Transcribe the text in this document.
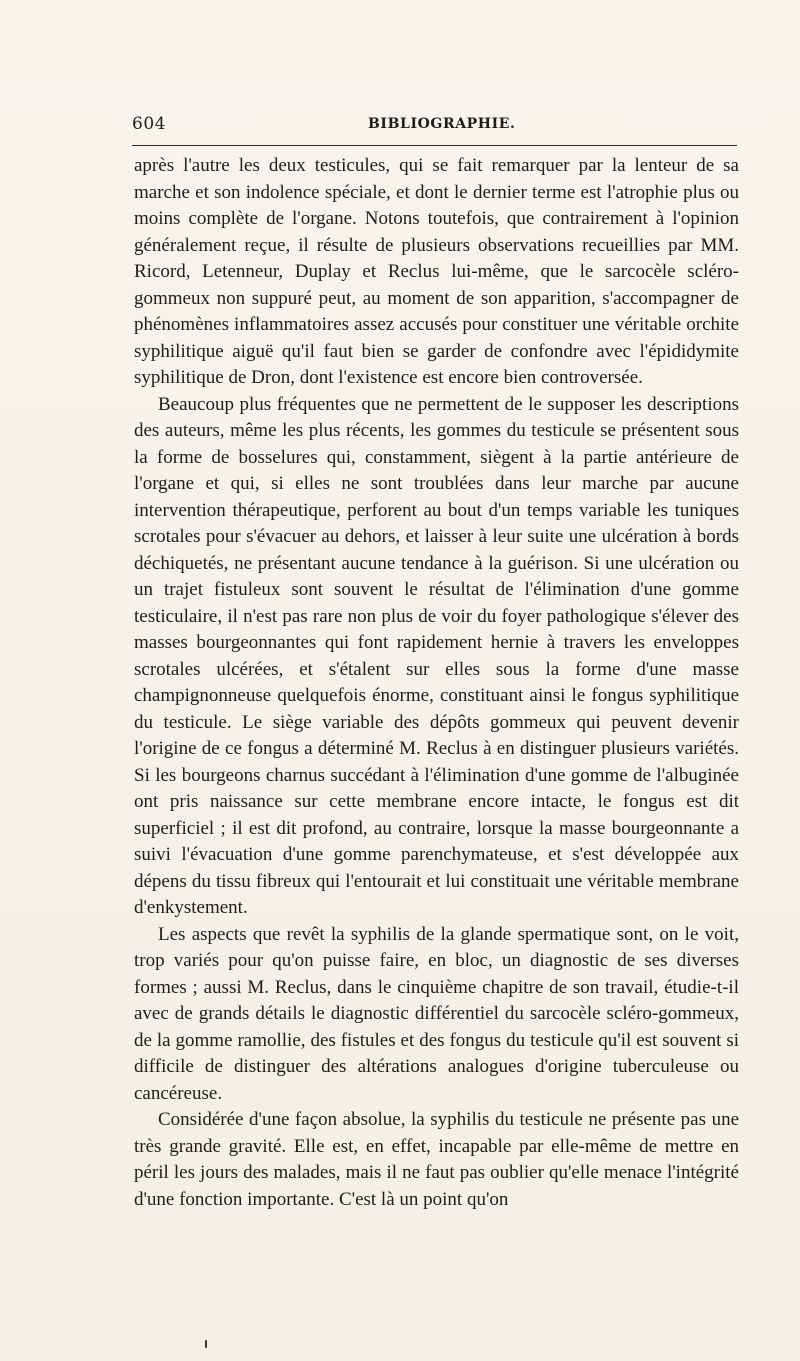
604	BIBLIOGRAPHIE.

après l'autre les deux testicules, qui se fait remarquer par la lenteur de sa marche et son indolence spéciale, et dont le dernier terme est l'atrophie plus ou moins complète de l'organe. Notons toutefois, que contrairement à l'opinion généralement reçue, il résulte de plusieurs observations recueillies par MM. Ricord, Letenneur, Duplay et Reclus lui-même, que le sarcocèle scléro-gommeux non suppuré peut, au moment de son apparition, s'accompagner de phénomènes inflammatoires assez accusés pour constituer une véritable orchite syphilitique aiguë qu'il faut bien se garder de confondre avec l'épididymite syphilitique de Dron, dont l'existence est encore bien controversée.

Beaucoup plus fréquentes que ne permettent de le supposer les descriptions des auteurs, même les plus récents, les gommes du testicule se présentent sous la forme de bosselures qui, constamment, siègent à la partie antérieure de l'organe et qui, si elles ne sont troublées dans leur marche par aucune intervention thérapeutique, perforent au bout d'un temps variable les tuniques scrotales pour s'évacuer au dehors, et laisser à leur suite une ulcération à bords déchiquetés, ne présentant aucune tendance à la guérison. Si une ulcération ou un trajet fistuleux sont souvent le résultat de l'élimination d'une gomme testiculaire, il n'est pas rare non plus de voir du foyer pathologique s'élever des masses bourgeonnantes qui font rapidement hernie à travers les enveloppes scrotales ulcérées, et s'étalent sur elles sous la forme d'une masse champignonneuse quelquefois énorme, constituant ainsi le fongus syphilitique du testicule. Le siège variable des dépôts gommeux qui peuvent devenir l'origine de ce fongus a déterminé M. Reclus à en distinguer plusieurs variétés. Si les bourgeons charnus succédant à l'élimination d'une gomme de l'albuginée ont pris naissance sur cette membrane encore intacte, le fongus est dit superficiel ; il est dit profond, au contraire, lorsque la masse bourgeonnante a suivi l'évacuation d'une gomme parenchymateuse, et s'est développée aux dépens du tissu fibreux qui l'entourait et lui constituait une véritable membrane d'enkystement.

Les aspects que revêt la syphilis de la glande spermatique sont, on le voit, trop variés pour qu'on puisse faire, en bloc, un diagnostic de ses diverses formes ; aussi M. Reclus, dans le cinquième chapitre de son travail, étudie-t-il avec de grands détails le diagnostic différentiel du sarcocèle scléro-gommeux, de la gomme ramollie, des fistules et des fongus du testicule qu'il est souvent si difficile de distinguer des altérations analogues d'origine tuberculeuse ou cancéreuse.

Considérée d'une façon absolue, la syphilis du testicule ne présente pas une très grande gravité. Elle est, en effet, incapable par elle-même de mettre en péril les jours des malades, mais il ne faut pas oublier qu'elle menace l'intégrité d'une fonction importante. C'est là un point qu'on
